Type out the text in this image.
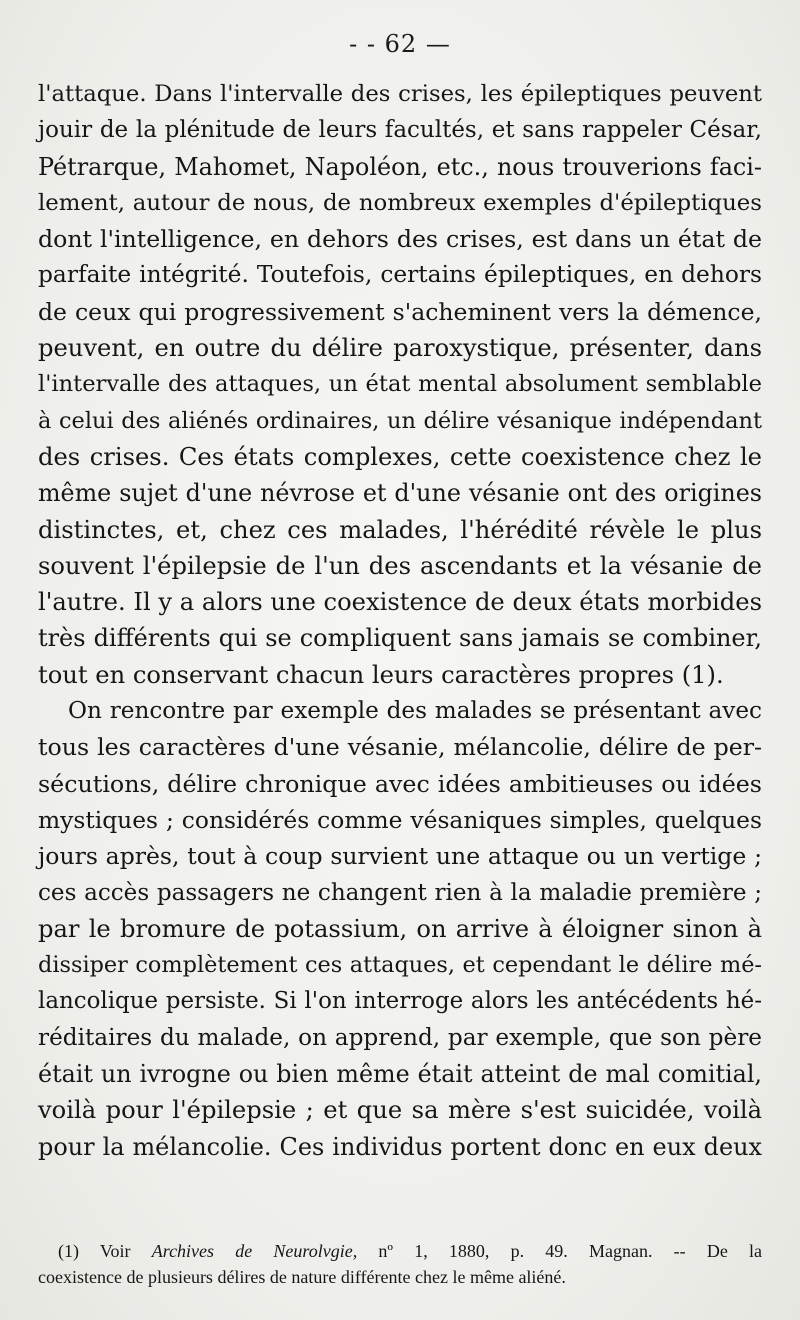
- - 62 —
l'attaque. Dans l'intervalle des crises, les épileptiques peuvent
jouir de la plénitude de leurs facultés, et sans rappeler César,
Pétrarque, Mahomet, Napoléon, etc., nous trouverions faci-
lement, autour de nous, de nombreux exemples d'épileptiques
dont l'intelligence, en dehors des crises, est dans un état de
parfaite intégrité. Toutefois, certains épileptiques, en dehors
de ceux qui progressivement s'acheminent vers la démence,
peuvent, en outre du délire paroxystique, présenter, dans
l'intervalle des attaques, un état mental absolument semblable
à celui des aliénés ordinaires, un délire vésanique indépendant
des crises. Ces états complexes, cette coexistence chez le
même sujet d'une névrose et d'une vésanie ont des origines
distinctes, et, chez ces malades, l'hérédité révèle le plus
souvent l'épilepsie de l'un des ascendants et la vésanie de
l'autre. Il y a alors une coexistence de deux états morbides
très différents qui se compliquent sans jamais se combiner,
tout en conservant chacun leurs caractères propres (1).
On rencontre par exemple des malades se présentant avec
tous les caractères d'une vésanie, mélancolie, délire de per-
sécutions, délire chronique avec idées ambitieuses ou idées
mystiques ; considérés comme vésaniques simples, quelques
jours après, tout à coup survient une attaque ou un vertige ;
ces accès passagers ne changent rien à la maladie première ;
par le bromure de potassium, on arrive à éloigner sinon à
dissiper complètement ces attaques, et cependant le délire mé-
lancolique persiste. Si l'on interroge alors les antécédents hé-
réditaires du malade, on apprend, par exemple, que son père
était un ivrogne ou bien même était atteint de mal comitial,
voilà pour l'épilepsie ; et que sa mère s'est suicidée, voilà
pour la mélancolie. Ces individus portent donc en eux deux
(1) Voir Archives de Neurolvgie, nº 1, 1880, p. 49. Magnan. -- De la
coexistence de plusieurs délires de nature différente chez le même aliéné.
